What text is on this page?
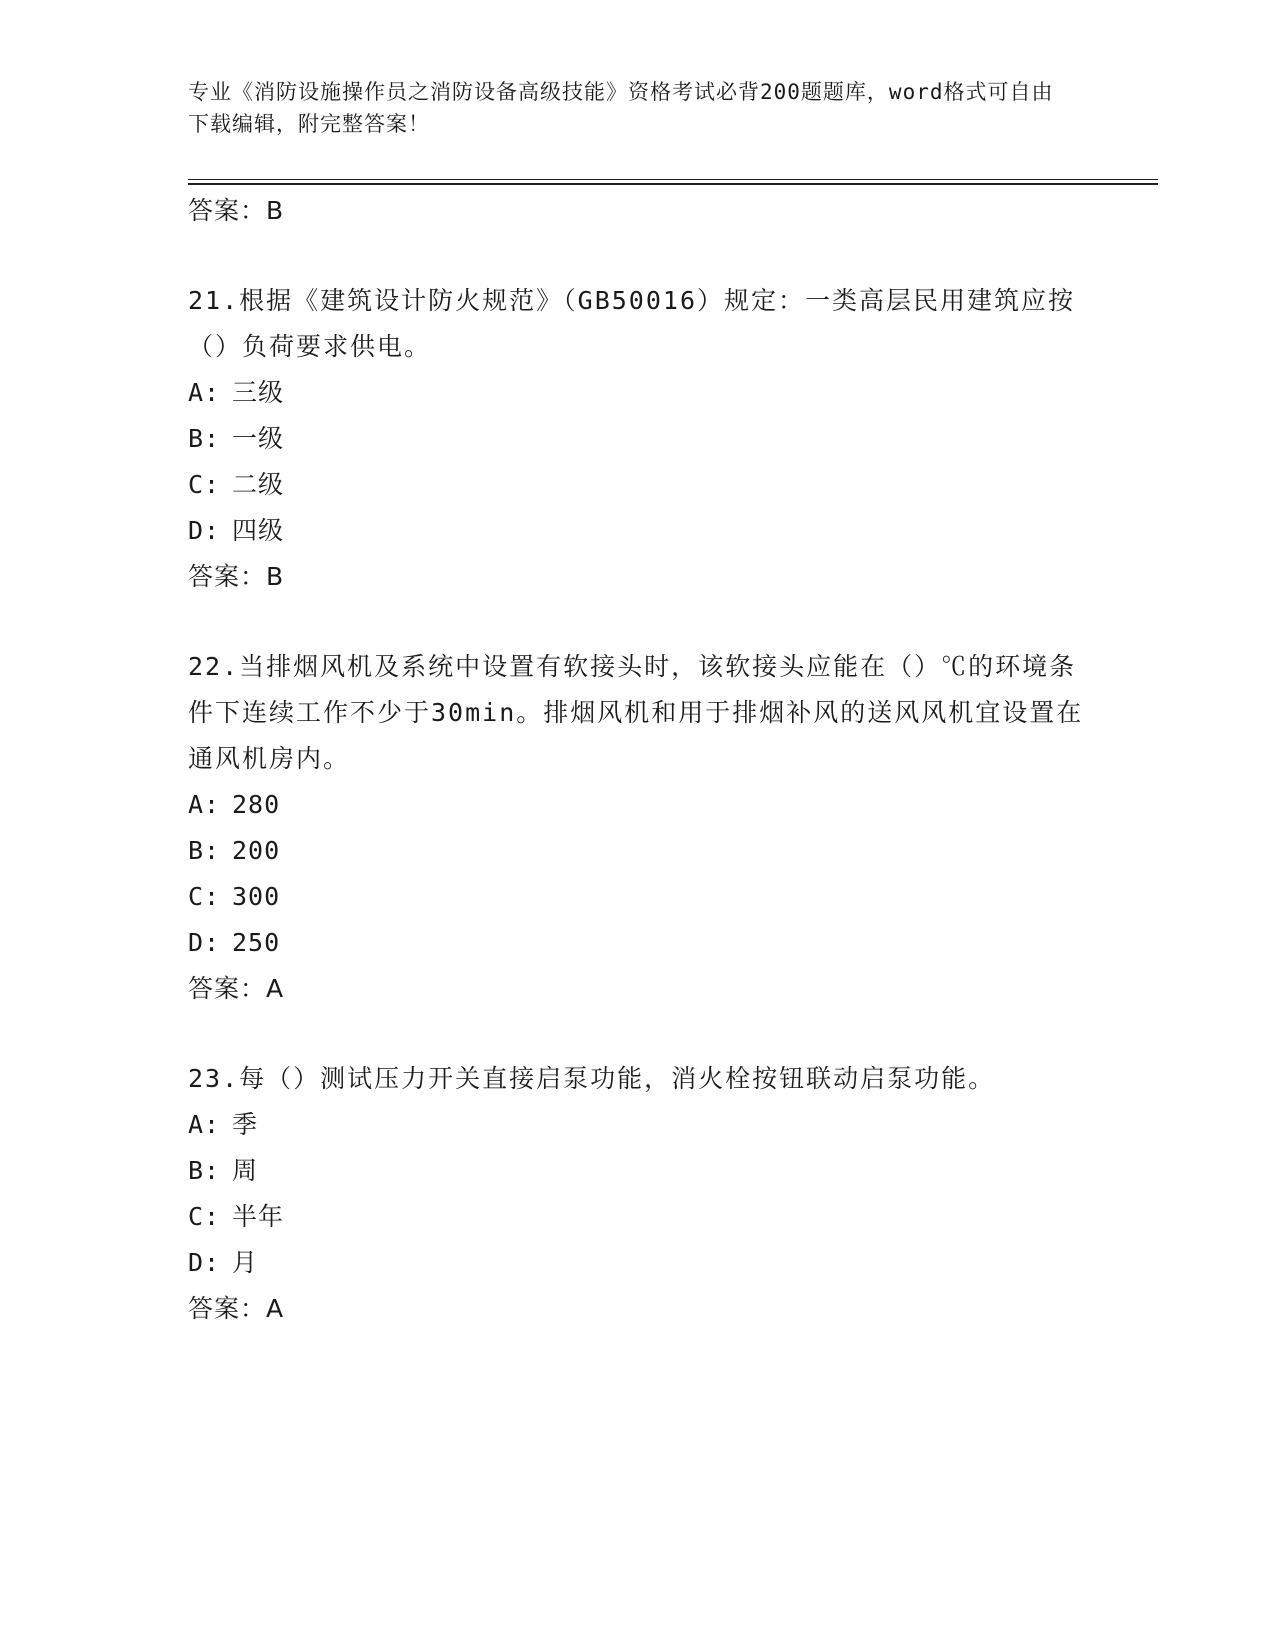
专业《消防设施操作员之消防设备高级技能》资格考试必背200题题库，word格式可自由下载编辑，附完整答案！
答案：B
21.根据《建筑设计防火规范》（GB50016）规定：一类高层民用建筑应按（）负荷要求供电。
A: 三级
B: 一级
C: 二级
D: 四级
答案：B
22.当排烟风机及系统中设置有软接头时，该软接头应能在（）℃的环境条件下连续工作不少于30min。排烟风机和用于排烟补风的送风风机宜设置在通风机房内。
A: 280
B: 200
C: 300
D: 250
答案：A
23.每（）测试压力开关直接启泵功能，消火栓按钮联动启泵功能。
A: 季
B: 周
C: 半年
D: 月
答案：A
